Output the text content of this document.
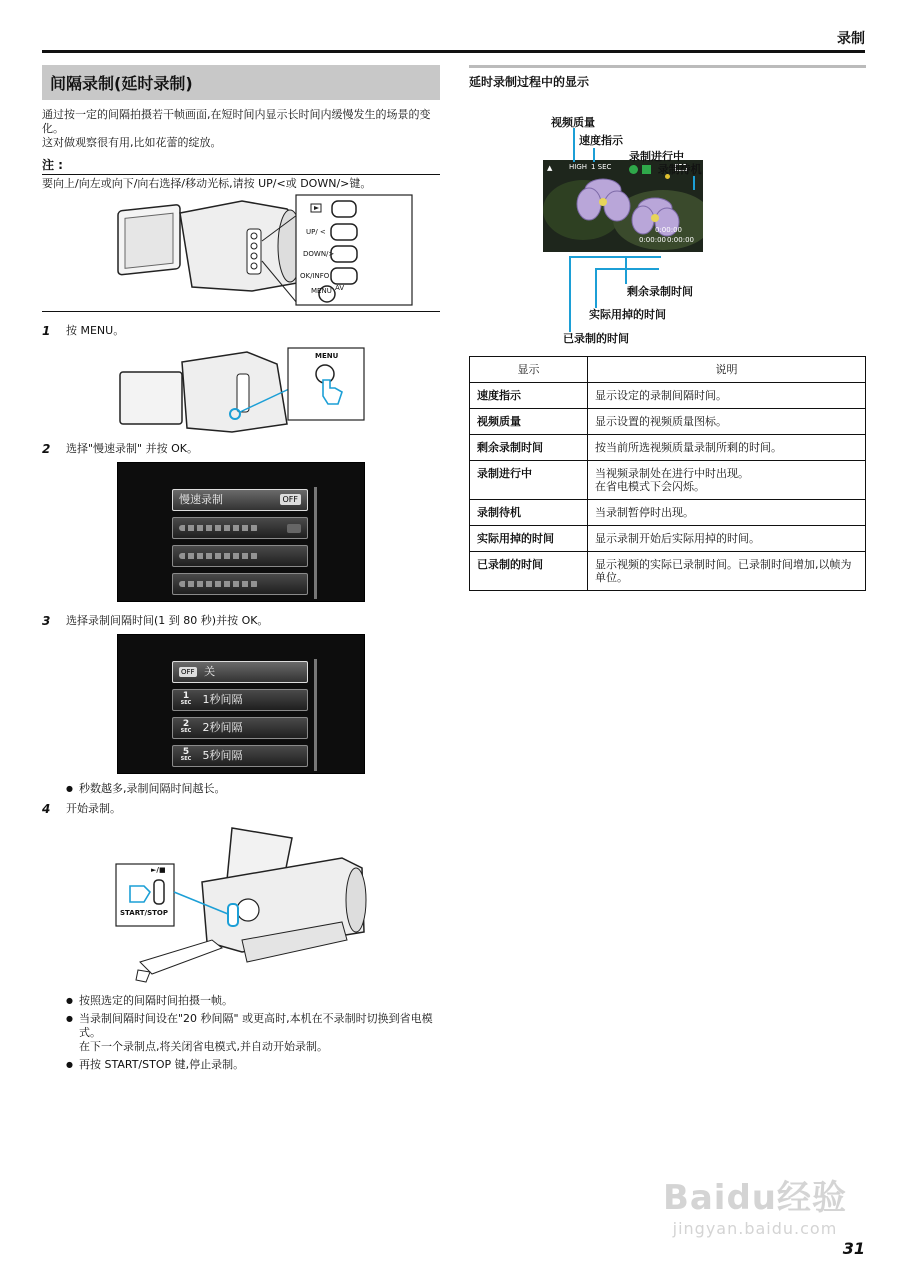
录制
间隔录制(延时录制)
通过按一定的间隔拍摄若干帧画面,在短时间内显示长时间内缓慢发生的场景的变化。
这对做观察很有用,比如花蕾的绽放。
注 :
要向上/向左或向下/向右选择/移动光标,请按 UP/<或 DOWN/>键。
UP/ <
DOWN/>
OK/INFO
AV
MENU
1 按 MENU。
MENU
2 选择"慢速录制" 并按 OK。
慢速录制	OFF
3 选择录制间隔时间(1 到 80 秒)并按 OK。
OFF 关
1
SEC 1秒间隔
2
SEC 2秒间隔
5
SEC 5秒间隔
● 秒数越多,录制间隔时间越长。
4 开始录制。
►/■
START/STOP
● 按照选定的间隔时间拍摄一帧。
● 当录制间隔时间设在"20 秒间隔" 或更高时,本机在不录制时切换到省电模式。
在下一个录制点,将关闭省电模式,并自动开始录制。
● 再按 START/STOP 键,停止录制。
延时录制过程中的显示
▲ HIGH 1 SEC
0:00:00
0:00:00 0:00:00
视频质量
速度指示
录制进行中
录制待机
剩余录制时间
实际用掉的时间
已录制的时间
显示	说明
速度指示	显示设定的录制间隔时间。
视频质量	显示设置的视频质量图标。
剩余录制时间	按当前所选视频质量录制所剩的时间。
录制进行中	当视频录制处在进行中时出现。
在省电模式下会闪烁。

录制待机	当录制暂停时出现。
实际用掉的时间	显示录制开始后实际用掉的时间。
已录制的时间	显示视频的实际已录制时间。已录制时间增加,以帧为单位。
Baidu经验
jingyan.baidu.com
31
